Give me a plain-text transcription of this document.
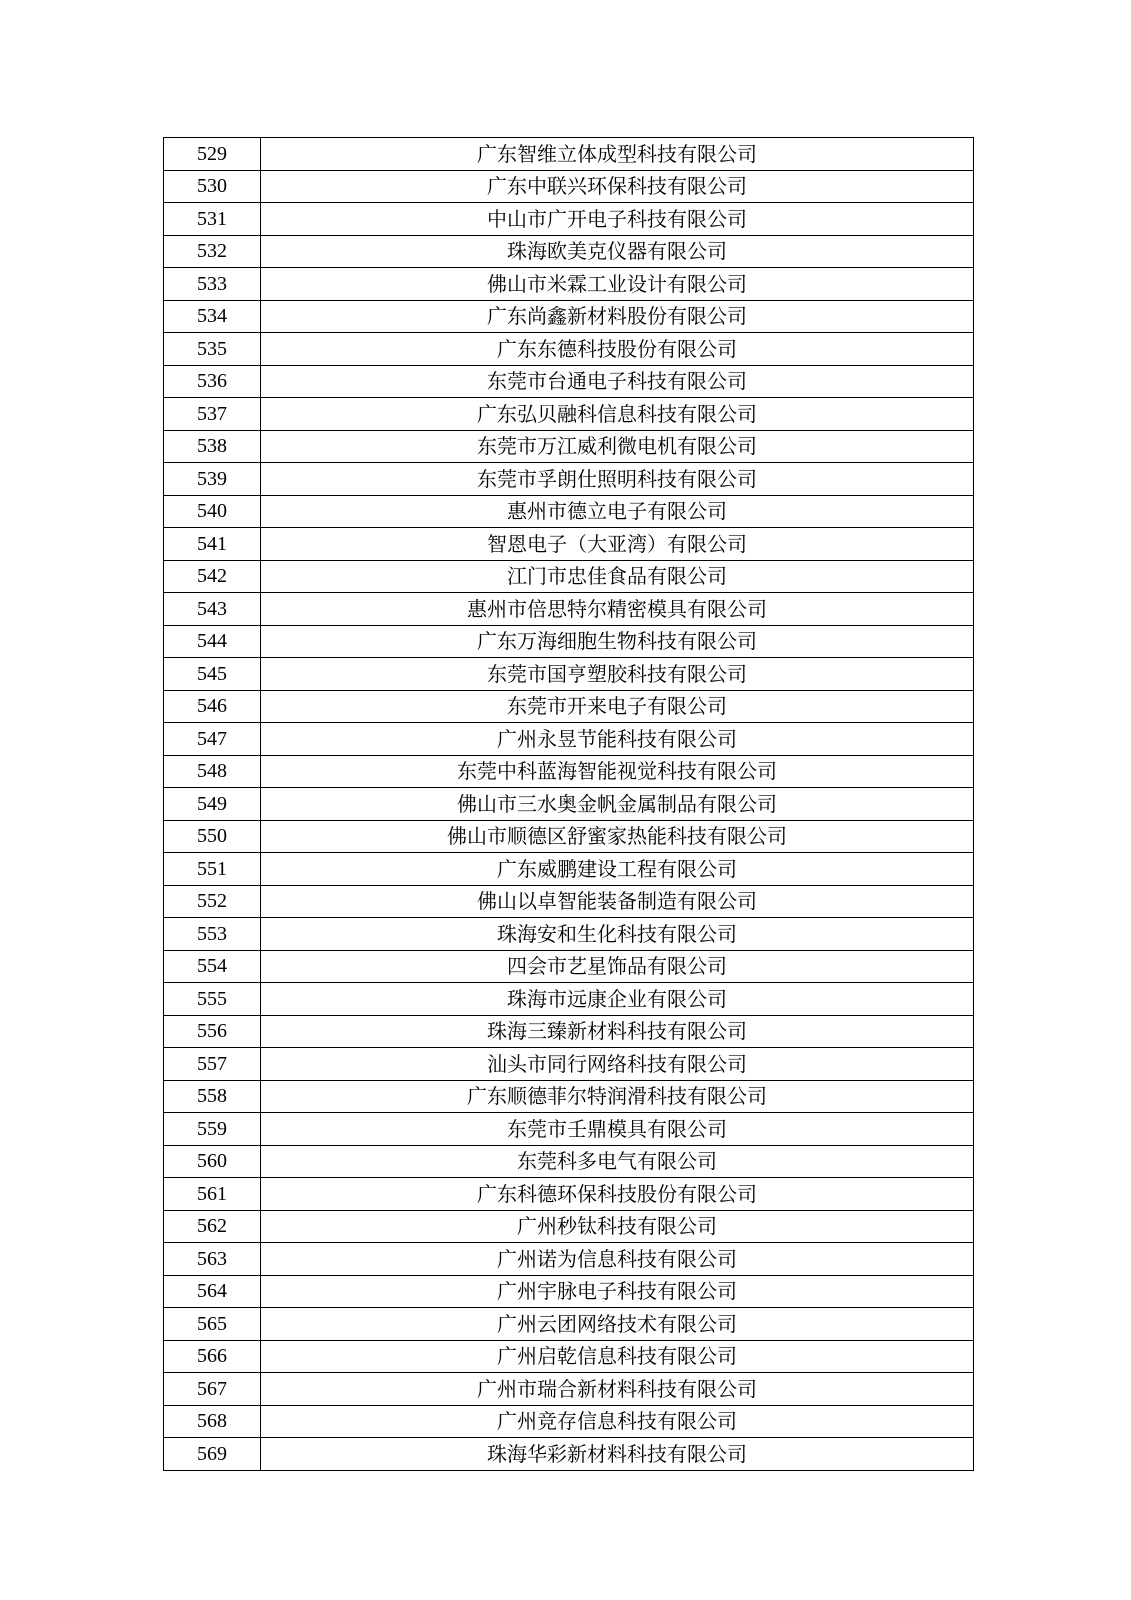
529	广东智维立体成型科技有限公司
530	广东中联兴环保科技有限公司
531	中山市广开电子科技有限公司
532	珠海欧美克仪器有限公司
533	佛山市米霖工业设计有限公司
534	广东尚鑫新材料股份有限公司
535	广东东德科技股份有限公司
536	东莞市台通电子科技有限公司
537	广东弘贝融科信息科技有限公司
538	东莞市万江威利微电机有限公司
539	东莞市孚朗仕照明科技有限公司
540	惠州市德立电子有限公司
541	智恩电子（大亚湾）有限公司
542	江门市忠佳食品有限公司
543	惠州市倍思特尔精密模具有限公司
544	广东万海细胞生物科技有限公司
545	东莞市国亨塑胶科技有限公司
546	东莞市开来电子有限公司
547	广州永昱节能科技有限公司
548	东莞中科蓝海智能视觉科技有限公司
549	佛山市三水奥金帆金属制品有限公司
550	佛山市顺德区舒蜜家热能科技有限公司
551	广东威鹏建设工程有限公司
552	佛山以卓智能装备制造有限公司
553	珠海安和生化科技有限公司
554	四会市艺星饰品有限公司
555	珠海市远康企业有限公司
556	珠海三臻新材料科技有限公司
557	汕头市同行网络科技有限公司
558	广东顺德菲尔特润滑科技有限公司
559	东莞市壬鼎模具有限公司
560	东莞科多电气有限公司
561	广东科德环保科技股份有限公司
562	广州秒钛科技有限公司
563	广州诺为信息科技有限公司
564	广州宇脉电子科技有限公司
565	广州云团网络技术有限公司
566	广州启乾信息科技有限公司
567	广州市瑞合新材料科技有限公司
568	广州竞存信息科技有限公司
569	珠海华彩新材料科技有限公司
